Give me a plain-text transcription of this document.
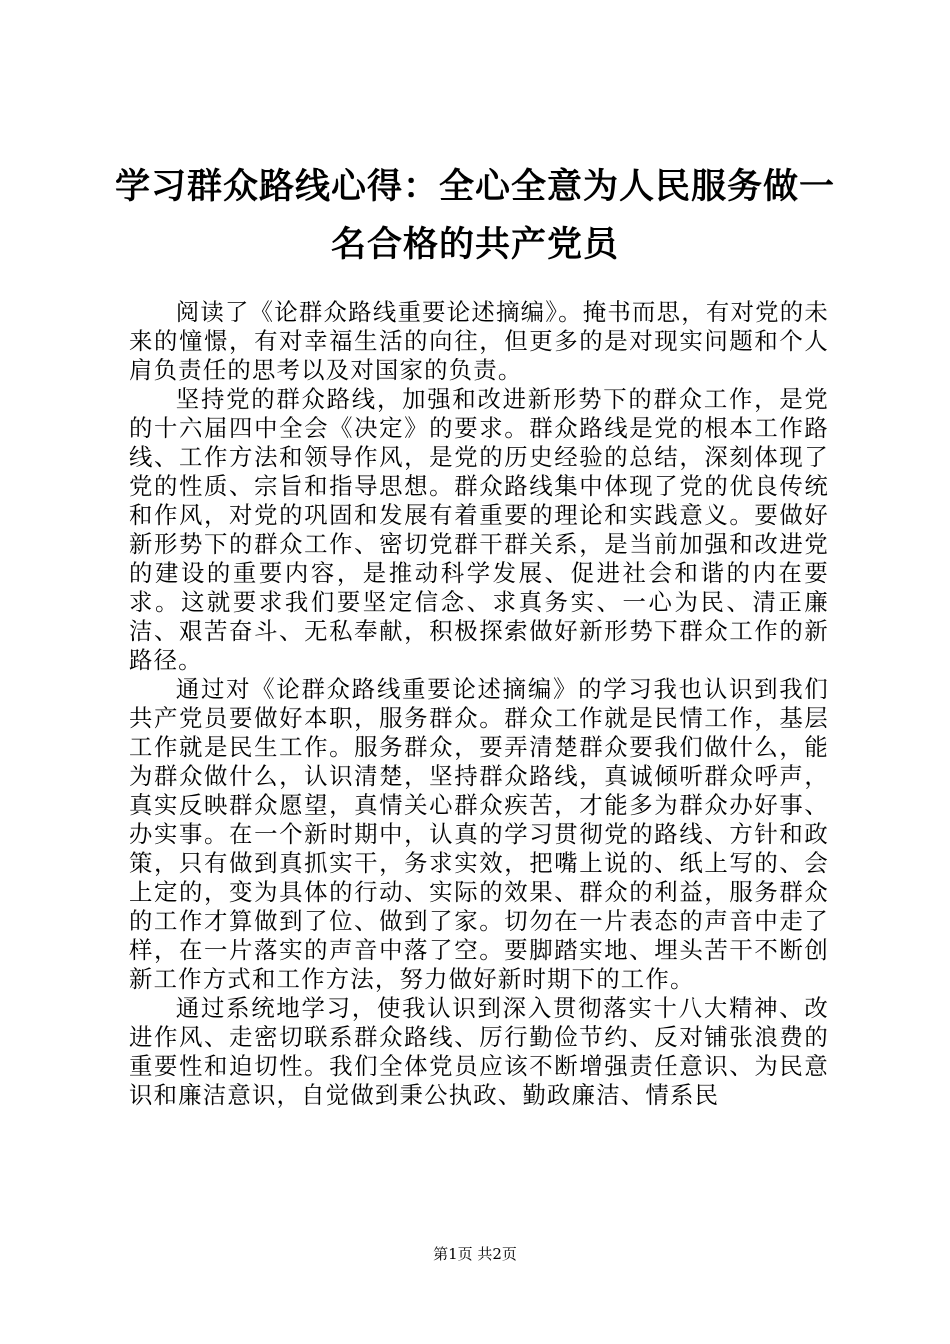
学习群众路线心得：全心全意为人民服务做一名合格的共产党员

阅读了《论群众路线重要论述摘编》。掩书而思，有对党的未来的憧憬，有对幸福生活的向往，但更多的是对现实问题和个人肩负责任的思考以及对国家的负责。

坚持党的群众路线，加强和改进新形势下的群众工作，是党的十六届四中全会《决定》的要求。群众路线是党的根本工作路线、工作方法和领导作风，是党的历史经验的总结，深刻体现了党的性质、宗旨和指导思想。群众路线集中体现了党的优良传统和作风，对党的巩固和发展有着重要的理论和实践意义。要做好新形势下的群众工作、密切党群干群关系，是当前加强和改进党的建设的重要内容，是推动科学发展、促进社会和谐的内在要求。这就要求我们要坚定信念、求真务实、一心为民、清正廉洁、艰苦奋斗、无私奉献，积极探索做好新形势下群众工作的新路径。

通过对《论群众路线重要论述摘编》的学习我也认识到我们共产党员要做好本职，服务群众。群众工作就是民情工作，基层工作就是民生工作。服务群众，要弄清楚群众要我们做什么，能为群众做什么，认识清楚，坚持群众路线，真诚倾听群众呼声，真实反映群众愿望，真情关心群众疾苦，才能多为群众办好事、办实事。在一个新时期中，认真的学习贯彻党的路线、方针和政策，只有做到真抓实干，务求实效，把嘴上说的、纸上写的、会上定的，变为具体的行动、实际的效果、群众的利益，服务群众的工作才算做到了位、做到了家。切勿在一片表态的声音中走了样，在一片落实的声音中落了空。要脚踏实地、埋头苦干不断创新工作方式和工作方法，努力做好新时期下的工作。

通过系统地学习，使我认识到深入贯彻落实十八大精神、改进作风、走密切联系群众路线、厉行勤俭节约、反对铺张浪费的重要性和迫切性。我们全体党员应该不断增强责任意识、为民意识和廉洁意识，自觉做到秉公执政、勤政廉洁、情系民

第1页 共2页
